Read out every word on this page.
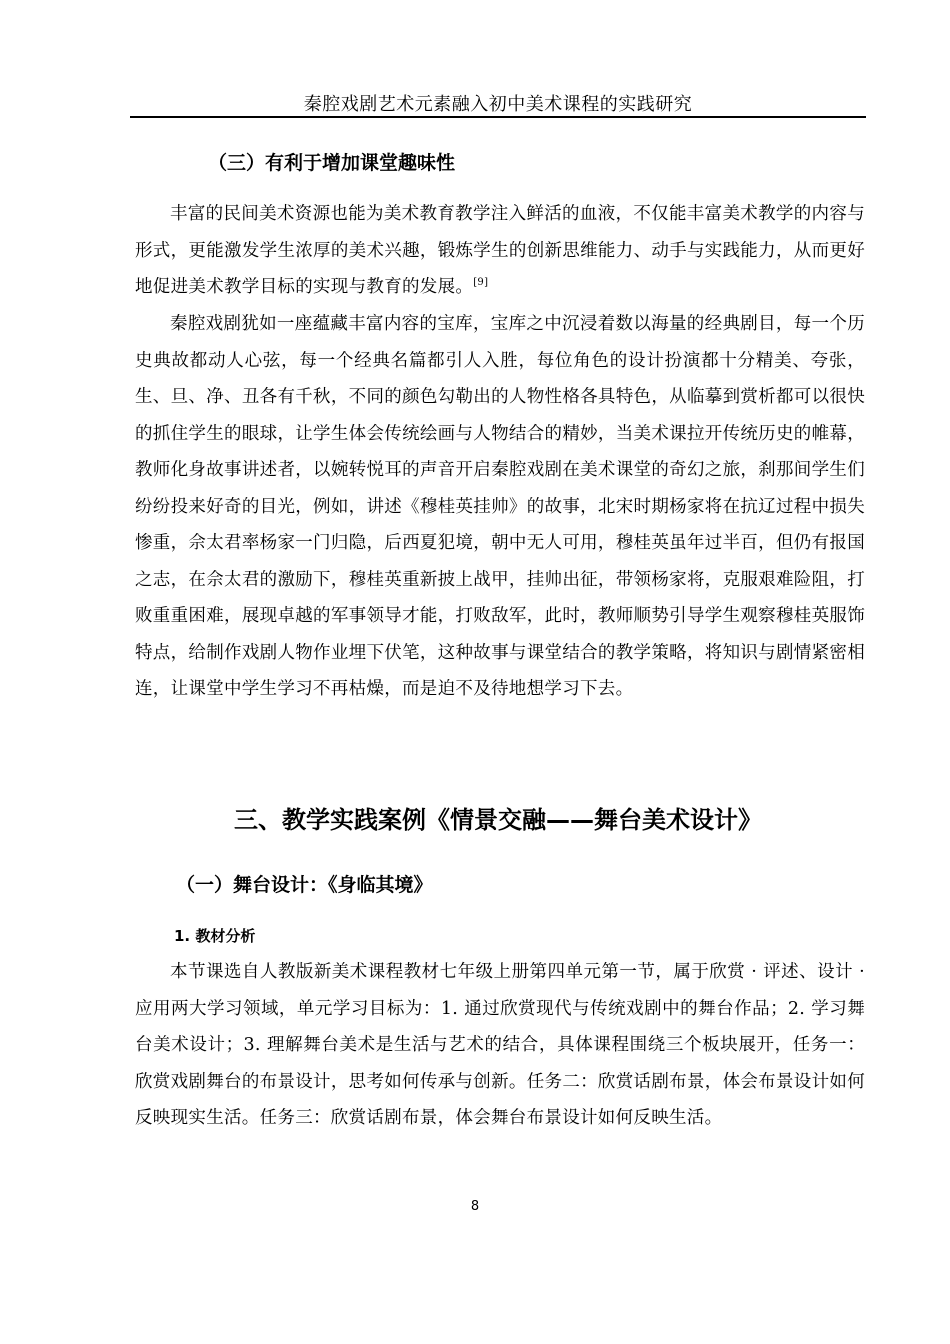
秦腔戏剧艺术元素融入初中美术课程的实践研究
（三）有利于增加课堂趣味性

丰富的民间美术资源也能为美术教育教学注入鲜活的血液，不仅能丰富美术教学的内容与形式，更能激发学生浓厚的美术兴趣，锻炼学生的创新思维能力、动手与实践能力，从而更好地促进美术教学目标的实现与教育的发展。[9]

秦腔戏剧犹如一座蕴藏丰富内容的宝库，宝库之中沉浸着数以海量的经典剧目，每一个历史典故都动人心弦，每一个经典名篇都引人入胜，每位角色的设计扮演都十分精美、夸张，生、旦、净、丑各有千秋，不同的颜色勾勒出的人物性格各具特色，从临摹到赏析都可以很快的抓住学生的眼球，让学生体会传统绘画与人物结合的精妙，当美术课拉开传统历史的帷幕，教师化身故事讲述者，以婉转悦耳的声音开启秦腔戏剧在美术课堂的奇幻之旅，刹那间学生们纷纷投来好奇的目光，例如，讲述《穆桂英挂帅》的故事，北宋时期杨家将在抗辽过程中损失惨重，佘太君率杨家一门归隐，后西夏犯境，朝中无人可用，穆桂英虽年过半百，但仍有报国之志，在佘太君的激励下，穆桂英重新披上战甲，挂帅出征，带领杨家将，克服艰难险阻，打败重重困难，展现卓越的军事领导才能，打败敌军，此时，教师顺势引导学生观察穆桂英服饰特点，给制作戏剧人物作业埋下伏笔，这种故事与课堂结合的教学策略，将知识与剧情紧密相连，让课堂中学生学习不再枯燥，而是迫不及待地想学习下去。

三、教学实践案例《情景交融——舞台美术设计》
（一）舞台设计：《身临其境》
1. 教材分析

本节课选自人教版新美术课程教材七年级上册第四单元第一节，属于欣赏 · 评述、设计 · 应用两大学习领域，单元学习目标为：1. 通过欣赏现代与传统戏剧中的舞台作品；2. 学习舞台美术设计；3. 理解舞台美术是生活与艺术的结合，具体课程围绕三个板块展开，任务一：欣赏戏剧舞台的布景设计，思考如何传承与创新。任务二：欣赏话剧布景，体会布景设计如何反映现实生活。任务三：欣赏话剧布景，体会舞台布景设计如何反映生活。

8
